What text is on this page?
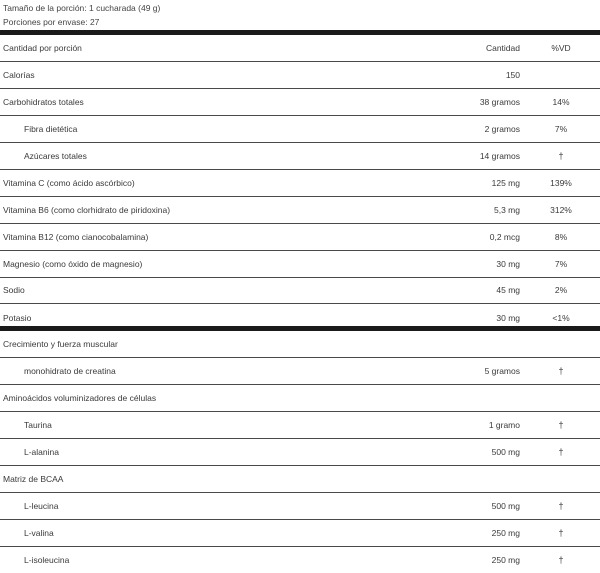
Tamaño de la porción: 1 cucharada (49 g)
Porciones por envase: 27
Cantidad por porción	Cantidad	%VD
Calorías	150	
Carbohidratos totales	38 gramos	14%
Fibra dietética	2 gramos	7%
Azúcares totales	14 gramos	†
Vitamina C (como ácido ascórbico)	125 mg	139%
Vitamina B6 (como clorhidrato de piridoxina)	5,3 mg	312%
Vitamina B12 (como cianocobalamina)	0,2 mcg	8%
Magnesio (como óxido de magnesio)	30 mg	7%
Sodio	45 mg	2%
Potasio	30 mg	<1%
Crecimiento y fuerza muscular		
monohidrato de creatina	5 gramos	†
Aminoácidos voluminizadores de células		
Taurina	1 gramo	†
L-alanina	500 mg	†
Matriz de BCAA		
L-leucina	500 mg	†
L-valina	250 mg	†
L-isoleucina	250 mg	†
